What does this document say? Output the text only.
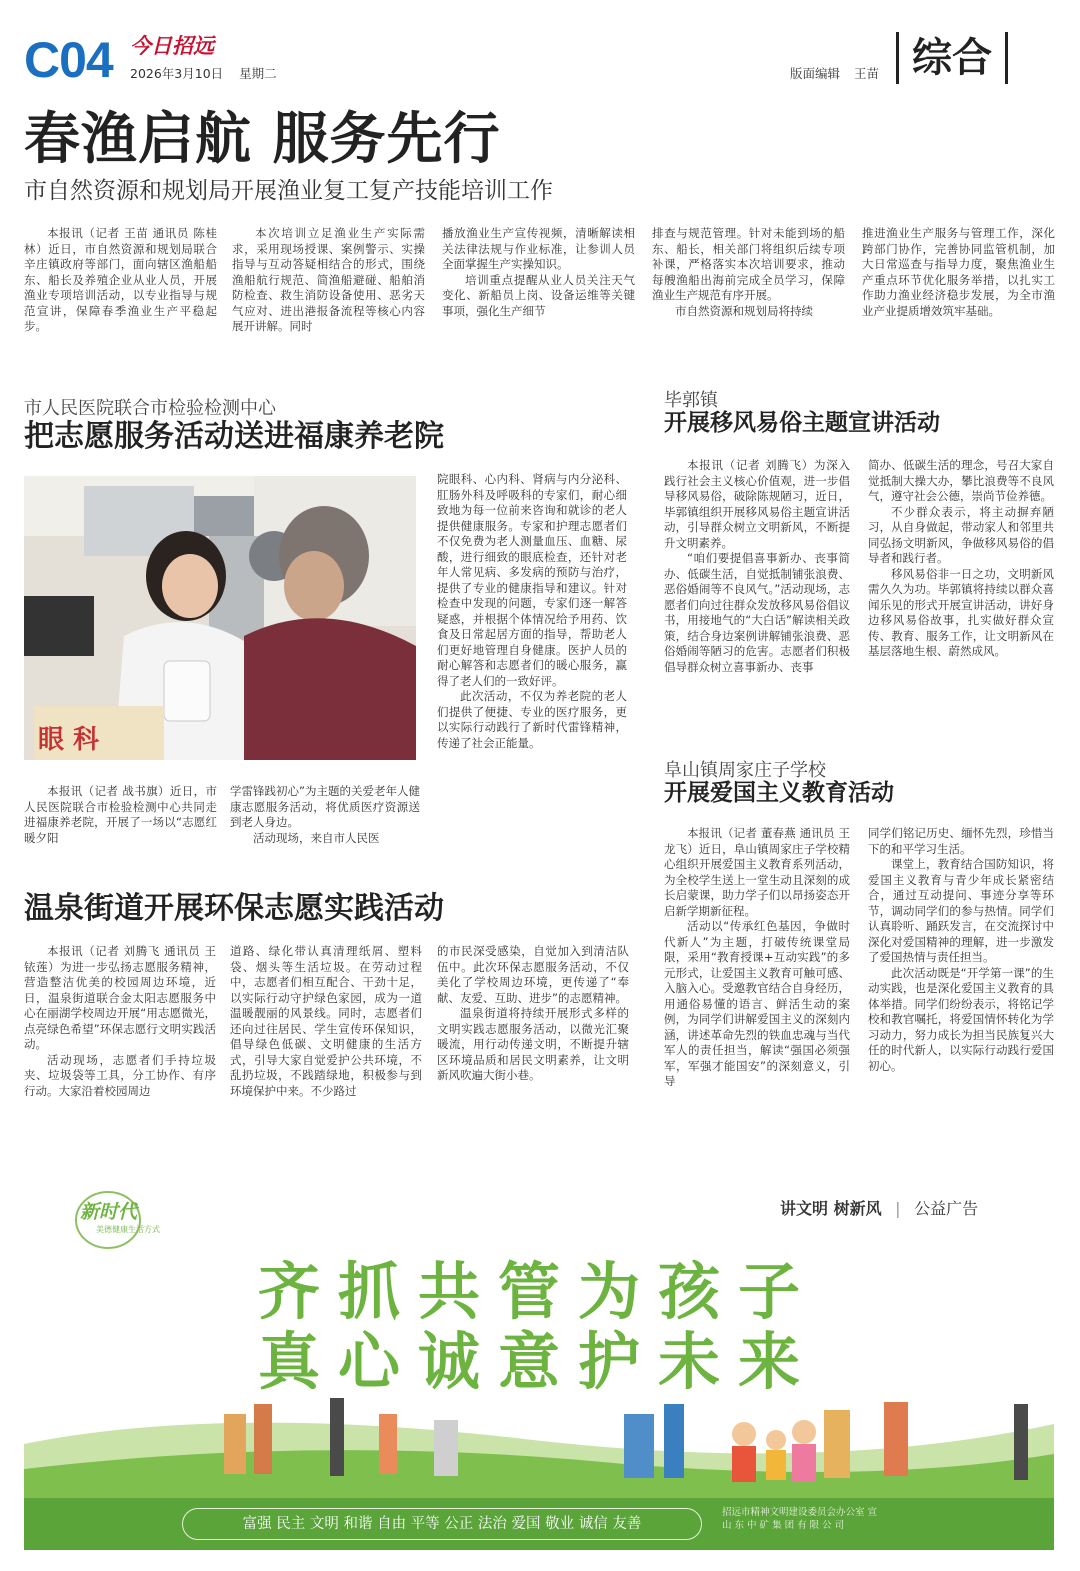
C04 今日招远
2026年3月10日 星期二	版面编辑 王苗 综合
春渔启航 服务先行
市自然资源和规划局开展渔业复工复产技能培训工作

本报讯（记者 王苗 通讯员 陈桂林）近日，市自然资源和规划局联合辛庄镇政府等部门，面向辖区渔船船东、船长及养殖企业从业人员，开展渔业专项培训活动，以专业指导与规范宣讲，保障春季渔业生产平稳起步。

本次培训立足渔业生产实际需求，采用现场授课、案例警示、实操指导与互动答疑相结合的形式，围绕渔船航行规范、简渔船避碰、船舶消防检查、救生消防设备使用、恶劣天气应对、进出港报备流程等核心内容展开讲解。同时

播放渔业生产宣传视频，清晰解读相关法律法规与作业标准，让参训人员全面掌握生产实操知识。

培训重点提醒从业人员关注天气变化、新船员上岗、设备运维等关键事项，强化生产细节

排查与规范管理。针对未能到场的船东、船长，相关部门将组织后续专项补课，严格落实本次培训要求，推动每艘渔船出海前完成全员学习，保障渔业生产规范有序开展。

市自然资源和规划局将持续

推进渔业生产服务与管理工作，深化跨部门协作，完善协同监管机制，加大日常巡查与指导力度，聚焦渔业生产重点环节优化服务举措，以扎实工作助力渔业经济稳步发展，为全市渔业产业提质增效筑牢基础。

市人民医院联合市检验检测中心
把志愿服务活动送进福康养老院
眼 科

本报讯（记者 战书旗）近日，市人民医院联合市检验检测中心共同走进福康养老院，开展了一场以“志愿红暖夕阳

学雷锋践初心”为主题的关爱老年人健康志愿服务活动，将优质医疗资源送到老人身边。

活动现场，来自市人民医

院眼科、心内科、肾病与内分泌科、肛肠外科及呼吸科的专家们，耐心细致地为每一位前来咨询和就诊的老人提供健康服务。专家和护理志愿者们不仅免费为老人测量血压、血糖、尿酸，进行细致的眼底检查，还针对老年人常见病、多发病的预防与治疗，提供了专业的健康指导和建议。针对检查中发现的问题，专家们逐一解答疑惑，并根据个体情况给予用药、饮食及日常起居方面的指导，帮助老人们更好地管理自身健康。医护人员的耐心解答和志愿者们的暖心服务，赢得了老人们的一致好评。

此次活动，不仅为养老院的老人们提供了便捷、专业的医疗服务，更以实际行动践行了新时代雷锋精神，传递了社会正能量。

毕郭镇
开展移风易俗主题宣讲活动

本报讯（记者 刘腾飞）为深入践行社会主义核心价值观，进一步倡导移风易俗，破除陈规陋习，近日，毕郭镇组织开展移风易俗主题宣讲活动，引导群众树立文明新风，不断提升文明素养。

“咱们要提倡喜事新办、丧事简办、低碳生活，自觉抵制铺张浪费、恶俗婚闹等不良风气。”活动现场，志愿者们向过往群众发放移风易俗倡议书，用接地气的“大白话”解读相关政策，结合身边案例讲解铺张浪费、恶俗婚闹等陋习的危害。志愿者们积极倡导群众树立喜事新办、丧事

简办、低碳生活的理念，号召大家自觉抵制大操大办，攀比浪费等不良风气，遵守社会公德，崇尚节俭养德。

不少群众表示，将主动摒弃陋习，从自身做起，带动家人和邻里共同弘扬文明新风，争做移风易俗的倡导者和践行者。

移风易俗非一日之功，文明新风需久久为功。毕郭镇将持续以群众喜闻乐见的形式开展宣讲活动，讲好身边移风易俗故事，扎实做好群众宣传、教育、服务工作，让文明新风在基层落地生根、蔚然成风。

阜山镇周家庄子学校
开展爱国主义教育活动

本报讯（记者 董春燕 通讯员 王龙飞）近日，阜山镇周家庄子学校精心组织开展爱国主义教育系列活动，为全校学生送上一堂生动且深刻的成长启蒙课，助力学子们以昂扬姿态开启新学期新征程。

活动以“传承红色基因，争做时代新人”为主题，打破传统课堂局限，采用“教育授课+互动实践”的多元形式，让爱国主义教育可触可感、入脑入心。受邀教官结合自身经历，用通俗易懂的语言、鲜活生动的案例，为同学们讲解爱国主义的深刻内涵，讲述革命先烈的铁血忠魂与当代军人的责任担当，解读“强国必须强军，军强才能国安”的深刻意义，引导

同学们铭记历史、缅怀先烈，珍惜当下的和平学习生活。

课堂上，教育结合国防知识，将爱国主义教育与青少年成长紧密结合，通过互动提问、事迹分享等环节，调动同学们的参与热情。同学们认真聆听、踊跃发言，在交流探讨中深化对爱国精神的理解，进一步激发了爱国热情与责任担当。

此次活动既是“开学第一课”的生动实践，也是深化爱国主义教育的具体举措。同学们纷纷表示，将铭记学校和教官嘱托，将爱国情怀转化为学习动力，努力成长为担当民族复兴大任的时代新人，以实际行动践行爱国初心。

温泉街道开展环保志愿实践活动

本报讯（记者 刘腾飞 通讯员 王铱莲）为进一步弘扬志愿服务精神，营造整洁优美的校园周边环境，近日，温泉街道联合金太阳志愿服务中心在丽湖学校周边开展“用志愿微光，点亮绿色希望”环保志愿行文明实践活动。

活动现场，志愿者们手持垃圾夹、垃圾袋等工具，分工协作、有序行动。大家沿着校园周边

道路、绿化带认真清理纸屑、塑料袋、烟头等生活垃圾。在劳动过程中，志愿者们相互配合、干劲十足，以实际行动守护绿色家园，成为一道温暖靓丽的风景线。同时，志愿者们还向过往居民、学生宣传环保知识，倡导绿色低碳、文明健康的生活方式，引导大家自觉爱护公共环境，不乱扔垃圾，不践踏绿地，积极参与到环境保护中来。不少路过

的市民深受感染，自觉加入到清洁队伍中。此次环保志愿服务活动，不仅美化了学校周边环境，更传递了“奉献、友爱、互助、进步”的志愿精神。

温泉街道将持续开展形式多样的文明实践志愿服务活动，以微光汇聚暖流，用行动传递文明，不断提升辖区环境品质和居民文明素养，让文明新风吹遍大街小巷。

新时代
美德健康生活方式
讲文明 树新风 | 公益广告
齐抓共管为孩子
真心诚意护未来
富强 民主 文明 和谐 自由 平等 公正 法治 爱国 敬业 诚信 友善
招远市精神文明建设委员会办公室 宣
山 东 中 矿 集 团 有 限 公 司
